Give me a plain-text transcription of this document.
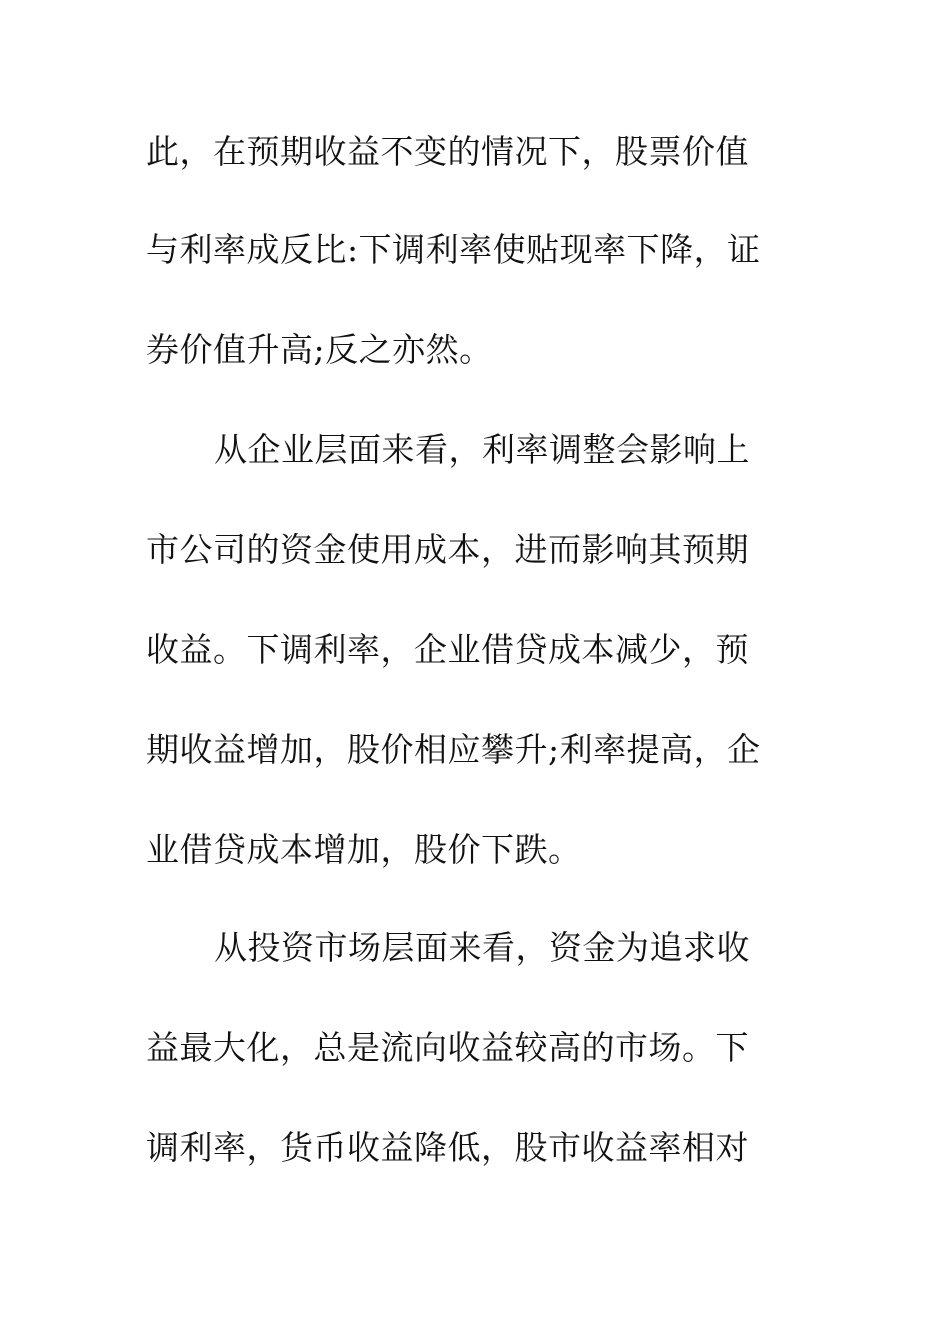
此，在预期收益不变的情况下，股票价值
与利率成反比:下调利率使贴现率下降，证
券价值升高;反之亦然。
从企业层面来看，利率调整会影响上
市公司的资金使用成本，进而影响其预期
收益。下调利率，企业借贷成本减少，预
期收益增加，股价相应攀升;利率提高，企
业借贷成本增加，股价下跌。
从投资市场层面来看，资金为追求收
益最大化，总是流向收益较高的市场。下
调利率，货币收益降低，股市收益率相对
